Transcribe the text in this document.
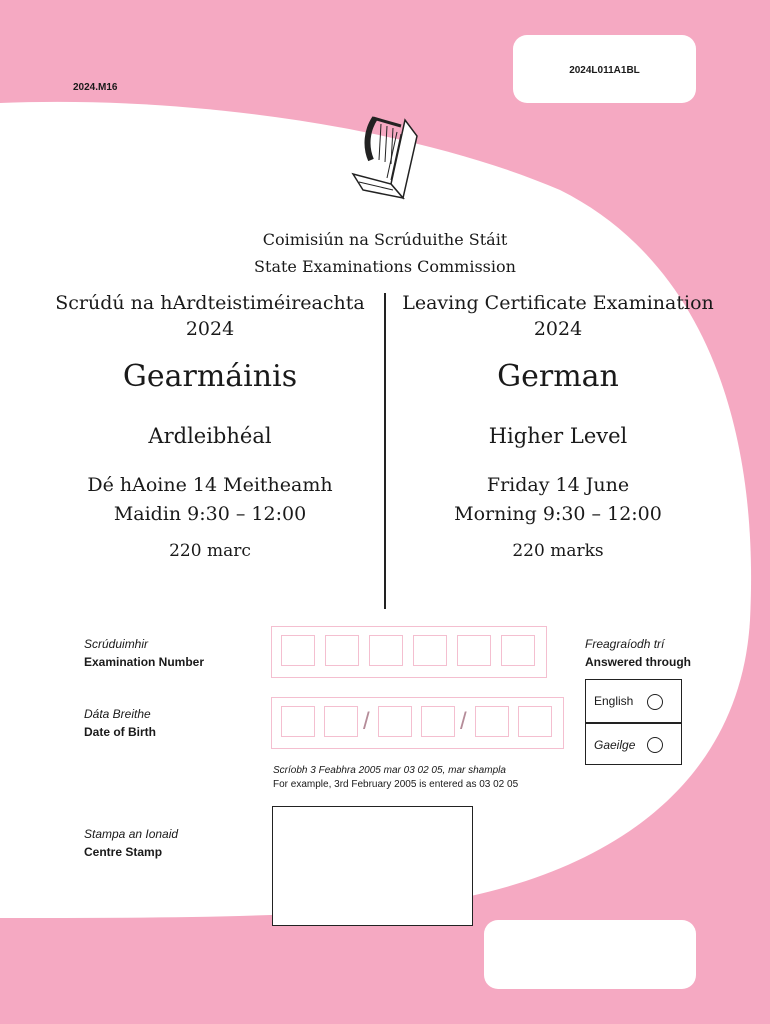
2024L011A1BL
2024.M16
Coimisiún na Scrúduithe Stáit
State Examinations Commission
Scrúdú na hArdteistiméireachta
2024
Gearmáinis
Ardleibhéal
Dé hAoine 14 Meitheamh
Maidin 9:30 – 12:00
220 marc
Leaving Certificate Examination
2024
German
Higher Level
Friday 14 June
Morning 9:30 – 12:00
220 marks
Scrúduimhir
Examination Number
Dáta Breithe
Date of Birth	/	/
Scríobh 3 Feabhra 2005 mar 03 02 05, mar shampla
For example, 3rd February 2005 is entered as 03 02 05
Freagraíodh trí
Answered through
English
Gaeilge
Stampa an Ionaid
Centre Stamp
